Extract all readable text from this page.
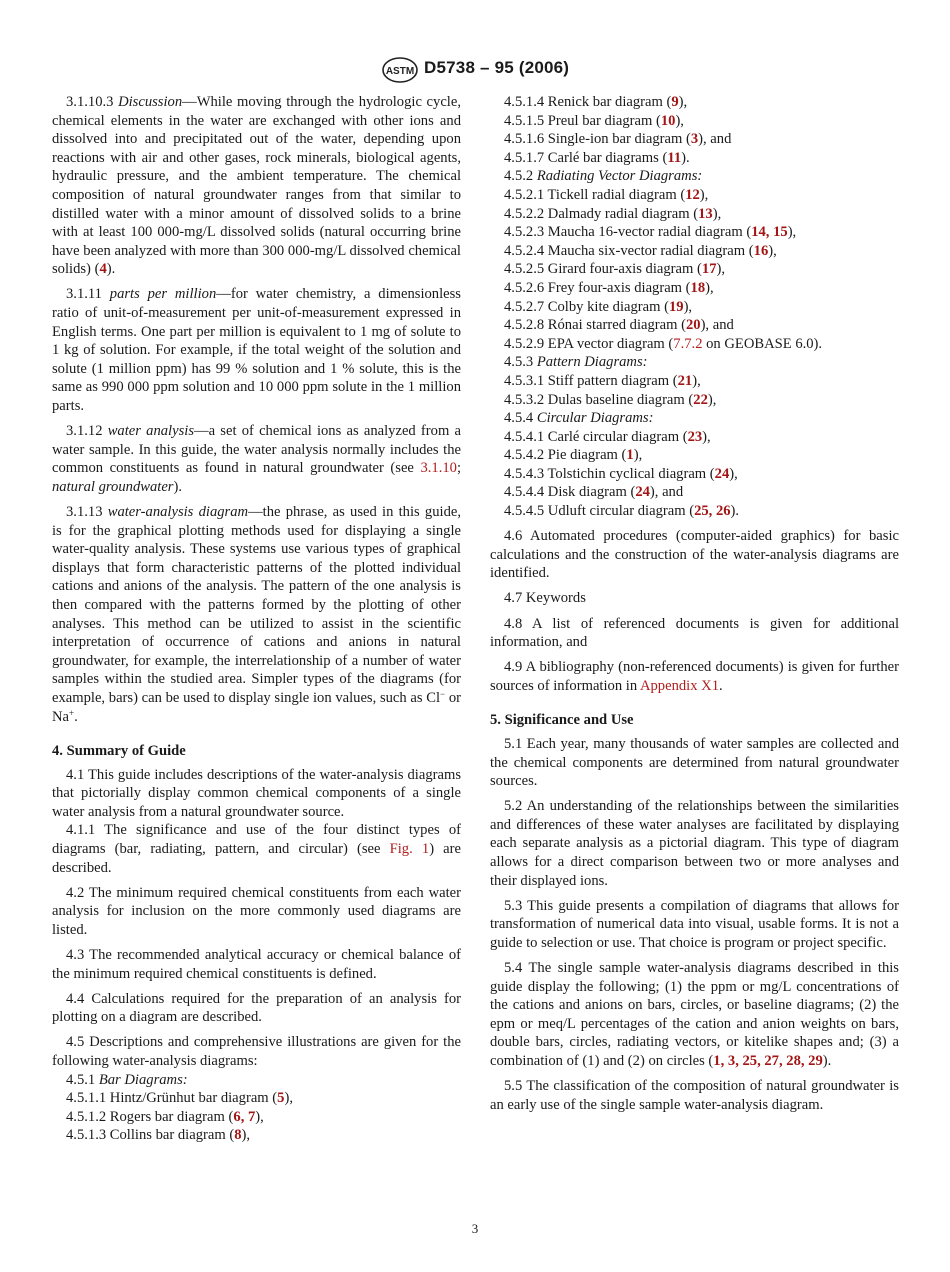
ASTM D5738 – 95 (2006)

3.1.10.3 Discussion—While moving through the hydrologic cycle, chemical elements in the water are exchanged with other ions and dissolved into and precipitated out of the water, depending upon reactions with air and other gases, rock minerals, biological agents, hydraulic pressure, and the ambient temperature. The chemical composition of natural groundwater ranges from that similar to distilled water with a minor amount of dissolved solids to a brine with at least 100 000-mg/L dissolved solids (natural occurring brine have been analyzed with more than 300 000-mg/L dissolved chemical solids) (4).

3.1.11 parts per million—for water chemistry, a dimensionless ratio of unit-of-measurement per unit-of-measurement expressed in English terms. One part per million is equivalent to 1 mg of solute to 1 kg of solution. For example, if the total weight of the solution and solute (1 million ppm) has 99 % solution and 1 % solute, this is the same as 990 000 ppm solution and 10 000 ppm solute in the 1 million parts.

3.1.12 water analysis—a set of chemical ions as analyzed from a water sample. In this guide, the water analysis normally includes the common constituents as found in natural groundwater (see 3.1.10; natural groundwater).

3.1.13 water-analysis diagram—the phrase, as used in this guide, is for the graphical plotting methods used for displaying a single water-quality analysis. These systems use various types of graphical displays that form characteristic patterns of the plotted individual cations and anions of the analysis. The pattern of the one analysis is then compared with the patterns formed by the plotting of other analyses. This method can be utilized to assist in the scientific interpretation of occurrence of cations and anions in natural groundwater, for example, the interrelationship of a number of water samples within the studied area. Simpler types of the diagrams (for example, bars) can be used to display single ion values, such as Cl− or Na+.

4. Summary of Guide

4.1 This guide includes descriptions of the water-analysis diagrams that pictorially display common chemical components of a single water analysis from a natural groundwater source.

4.1.1 The significance and use of the four distinct types of diagrams (bar, radiating, pattern, and circular) (see Fig. 1) are described.

4.2 The minimum required chemical constituents from each water analysis for inclusion on the more commonly used diagrams are listed.

4.3 The recommended analytical accuracy or chemical balance of the minimum required chemical constituents is defined.

4.4 Calculations required for the preparation of an analysis for plotting on a diagram are described.

4.5 Descriptions and comprehensive illustrations are given for the following water-analysis diagrams:

4.5.1 Bar Diagrams:
4.5.1.1 Hintz/Grünhut bar diagram (5),
4.5.1.2 Rogers bar diagram (6, 7),
4.5.1.3 Collins bar diagram (8),
4.5.1.4 Renick bar diagram (9),
4.5.1.5 Preul bar diagram (10),
4.5.1.6 Single-ion bar diagram (3), and
4.5.1.7 Carlé bar diagrams (11).
4.5.2 Radiating Vector Diagrams:
4.5.2.1 Tickell radial diagram (12),
4.5.2.2 Dalmady radial diagram (13),
4.5.2.3 Maucha 16-vector radial diagram (14, 15),
4.5.2.4 Maucha six-vector radial diagram (16),
4.5.2.5 Girard four-axis diagram (17),
4.5.2.6 Frey four-axis diagram (18),
4.5.2.7 Colby kite diagram (19),
4.5.2.8 Rónai starred diagram (20), and
4.5.2.9 EPA vector diagram (7.7.2 on GEOBASE 6.0).
4.5.3 Pattern Diagrams:
4.5.3.1 Stiff pattern diagram (21),
4.5.3.2 Dulas baseline diagram (22),
4.5.4 Circular Diagrams:
4.5.4.1 Carlé circular diagram (23),
4.5.4.2 Pie diagram (1),
4.5.4.3 Tolstichin cyclical diagram (24),
4.5.4.4 Disk diagram (24), and
4.5.4.5 Udluft circular diagram (25, 26).

4.6 Automated procedures (computer-aided graphics) for basic calculations and the construction of the water-analysis diagrams are identified.

4.7 Keywords

4.8 A list of referenced documents is given for additional information, and

4.9 A bibliography (non-referenced documents) is given for further sources of information in Appendix X1.

5. Significance and Use

5.1 Each year, many thousands of water samples are collected and the chemical components are determined from natural groundwater sources.

5.2 An understanding of the relationships between the similarities and differences of these water analyses are facilitated by displaying each separate analysis as a pictorial diagram. This type of diagram allows for a direct comparison between two or more analyses and their displayed ions.

5.3 This guide presents a compilation of diagrams that allows for transformation of numerical data into visual, usable forms. It is not a guide to selection or use. That choice is program or project specific.

5.4 The single sample water-analysis diagrams described in this guide display the following; (1) the ppm or mg/L concentrations of the cations and anions on bars, circles, or baseline diagrams; (2) the epm or meq/L percentages of the cation and anion weights on bars, double bars, circles, radiating vectors, or kitelike shapes and; (3) a combination of (1) and (2) on circles (1, 3, 25, 27, 28, 29).

5.5 The classification of the composition of natural groundwater is an early use of the single sample water-analysis diagram.

3
